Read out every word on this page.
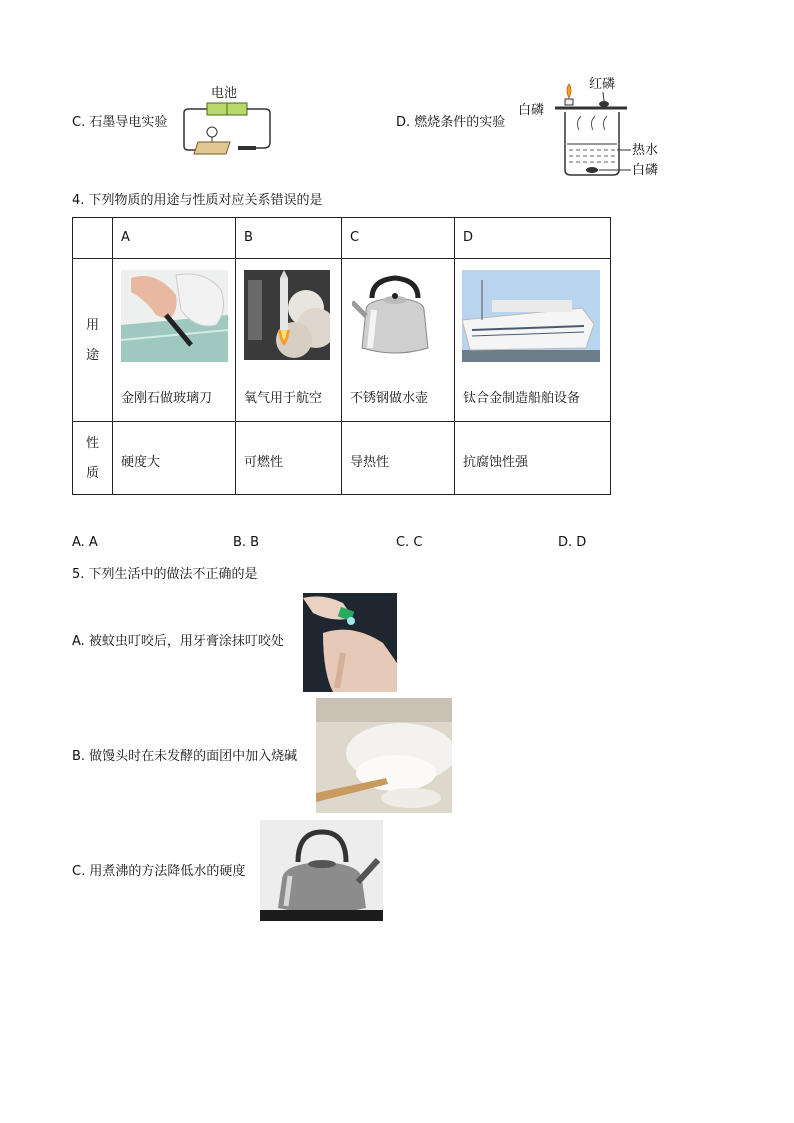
C. 石墨导电实验
电池
D. 燃烧条件的实验
红磷
白磷
热水
白磷
4. 下列物质的用途与性质对应关系错误的是

	A	B	C	D

用途	金刚石做玻璃刀	氧气用于航空	不锈钢做水壶	钛合金制造船舶设备

性质	硬度大	可燃性	导热性	抗腐蚀性强
A. A	B. B	C. C	D. D
5. 下列生活中的做法不正确的是
A. 被蚊虫叮咬后，用牙膏涂抹叮咬处
B. 做馒头时在未发酵的面团中加入烧碱
C. 用煮沸的方法降低水的硬度
